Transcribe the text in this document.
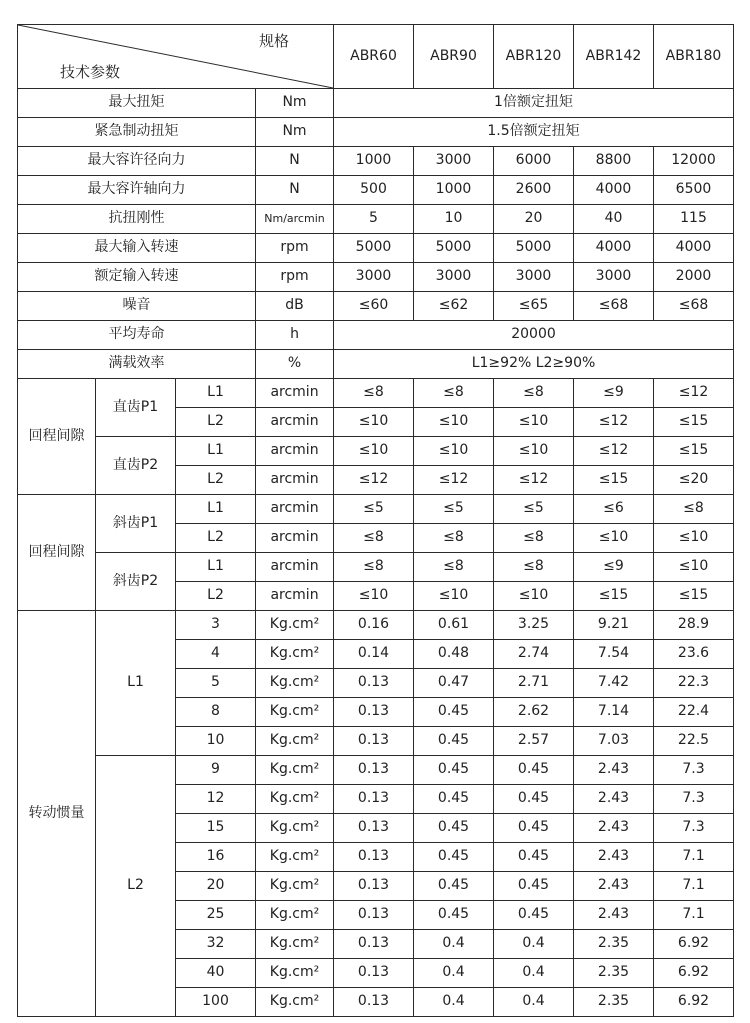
规格
技术参数				ABR60	ABR90	ABR120	ABR142	ABR180
最大扭矩			Nm	1倍额定扭矩				
紧急制动扭矩			Nm	1.5倍额定扭矩				
最大容许径向力			N	1000	3000	6000	8800	12000
最大容许轴向力			N	500	1000	2600	4000	6500
抗扭刚性			Nm/arcmin	5	10	20	40	115
最大输入转速			rpm	5000	5000	5000	4000	4000
额定输入转速			rpm	3000	3000	3000	3000	2000
噪音			dB	≤60	≤62	≤65	≤68	≤68
平均寿命			h	20000				
满载效率			%	L1≥92% L2≥90%				
回程间隙	直齿P1	L1	arcmin	≤8	≤8	≤8	≤9	≤12
		L2	arcmin	≤10	≤10	≤10	≤12	≤15
	直齿P2	L1	arcmin	≤10	≤10	≤10	≤12	≤15
		L2	arcmin	≤12	≤12	≤12	≤15	≤20
回程间隙	斜齿P1	L1	arcmin	≤5	≤5	≤5	≤6	≤8
		L2	arcmin	≤8	≤8	≤8	≤10	≤10
	斜齿P2	L1	arcmin	≤8	≤8	≤8	≤9	≤10
		L2	arcmin	≤10	≤10	≤10	≤15	≤15
转动惯量	L1	3	Kg.cm²	0.16	0.61	3.25	9.21	28.9
		4	Kg.cm²	0.14	0.48	2.74	7.54	23.6
		5	Kg.cm²	0.13	0.47	2.71	7.42	22.3
		8	Kg.cm²	0.13	0.45	2.62	7.14	22.4
		10	Kg.cm²	0.13	0.45	2.57	7.03	22.5
	L2	9	Kg.cm²	0.13	0.45	0.45	2.43	7.3
		12	Kg.cm²	0.13	0.45	0.45	2.43	7.3
		15	Kg.cm²	0.13	0.45	0.45	2.43	7.3
		16	Kg.cm²	0.13	0.45	0.45	2.43	7.1
		20	Kg.cm²	0.13	0.45	0.45	2.43	7.1
		25	Kg.cm²	0.13	0.45	0.45	2.43	7.1
		32	Kg.cm²	0.13	0.4	0.4	2.35	6.92
		40	Kg.cm²	0.13	0.4	0.4	2.35	6.92
		100	Kg.cm²	0.13	0.4	0.4	2.35	6.92
